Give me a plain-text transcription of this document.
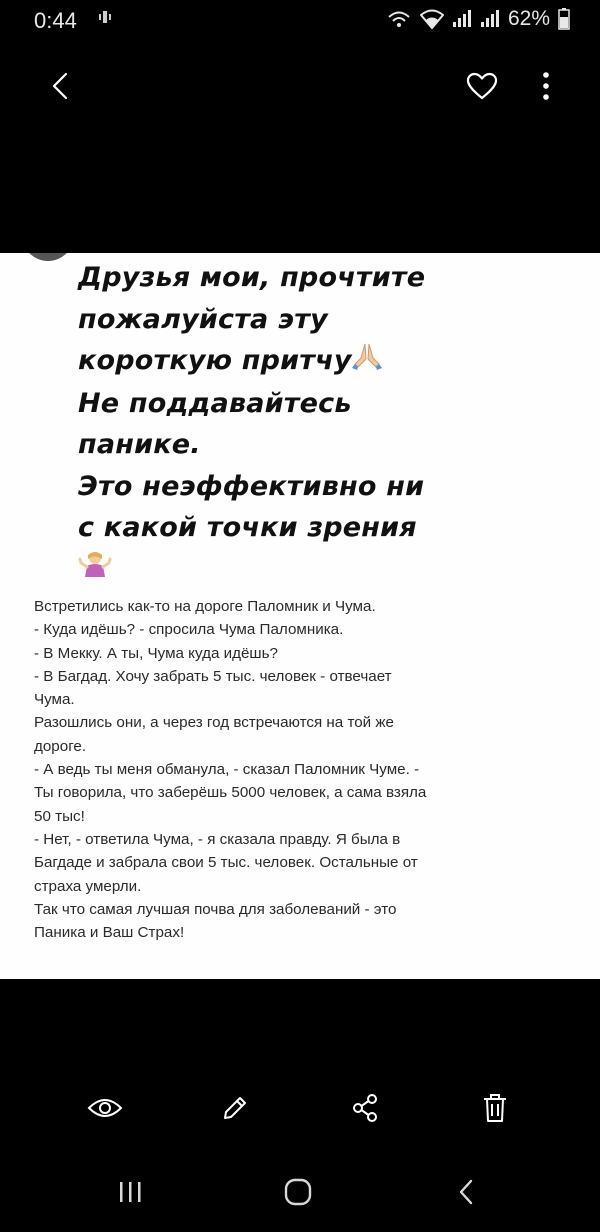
0:44	62%
Друзья мои, прочтите
пожалуйста эту
короткую притчу
Не поддавайтесь
панике.
Это неэффективно ни
с какой точки зрения
Встретились как-то на дороге Паломник и Чума.
- Куда идёшь? - спросила Чума Паломника.
- В Мекку. А ты, Чума куда идёшь?
- В Багдад. Хочу забрать 5 тыс. человек - отвечает
Чума.
Разошлись они, а через год встречаются на той же
дороге.
- А ведь ты меня обманула, - сказал Паломник Чуме. -
Ты говорила, что заберёшь 5000 человек, а сама взяла
50 тыс!
- Нет, - ответила Чума, - я сказала правду. Я была в
Багдаде и забрала свои 5 тыс. человек. Остальные от
страха умерли.
Так что самая лучшая почва для заболеваний - это
Паника и Ваш Страх!
